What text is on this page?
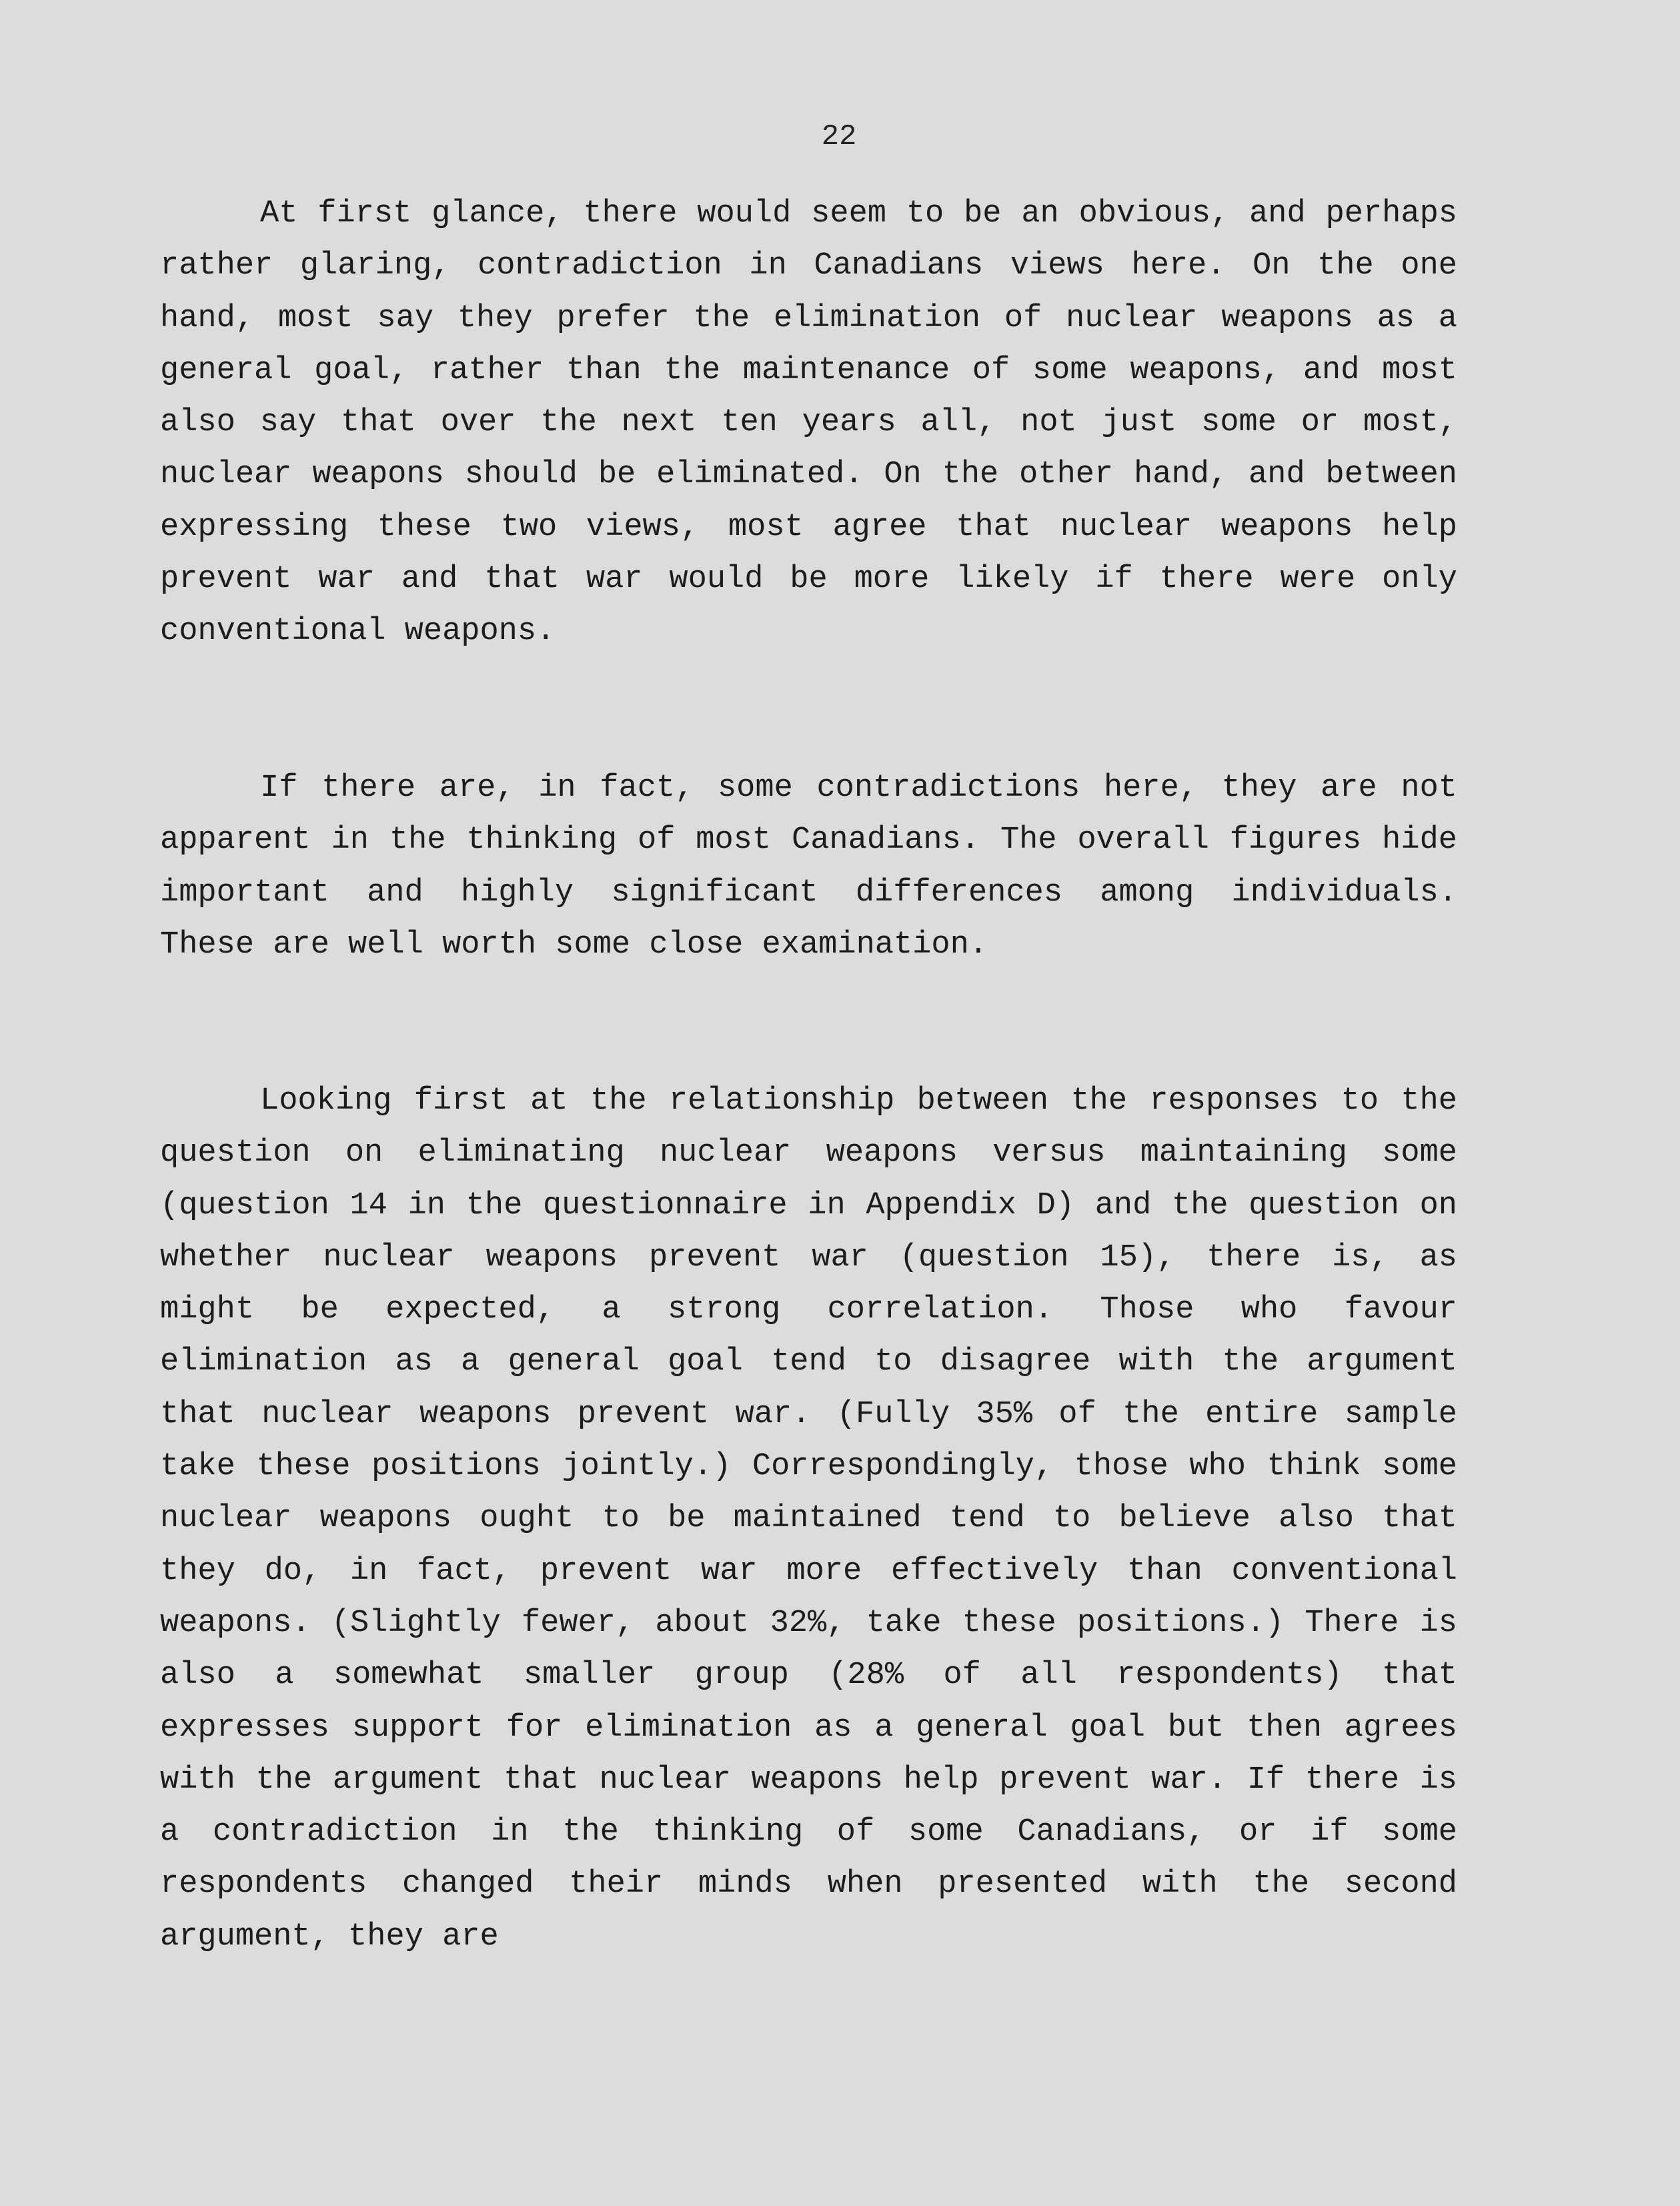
22

At first glance, there would seem to be an obvious, and perhaps rather glaring, contradiction in Canadians views here. On the one hand, most say they prefer the elimination of nuclear weapons as a general goal, rather than the maintenance of some weapons, and most also say that over the next ten years all, not just some or most, nuclear weapons should be eliminated. On the other hand, and between expressing these two views, most agree that nuclear weapons help prevent war and that war would be more likely if there were only conventional weapons.

If there are, in fact, some contradictions here, they are not apparent in the thinking of most Canadians. The overall figures hide important and highly significant differences among individuals. These are well worth some close examination.

Looking first at the relationship between the responses to the question on eliminating nuclear weapons versus maintaining some (question 14 in the questionnaire in Appendix D) and the question on whether nuclear weapons prevent war (question 15), there is, as might be expected, a strong correlation. Those who favour elimination as a general goal tend to disagree with the argument that nuclear weapons prevent war. (Fully 35% of the entire sample take these positions jointly.) Correspondingly, those who think some nuclear weapons ought to be maintained tend to believe also that they do, in fact, prevent war more effectively than conventional weapons. (Slightly fewer, about 32%, take these positions.) There is also a somewhat smaller group (28% of all respondents) that expresses support for elimination as a general goal but then agrees with the argument that nuclear weapons help prevent war. If there is a contradiction in the thinking of some Canadians, or if some respondents changed their minds when presented with the second argument, they are
